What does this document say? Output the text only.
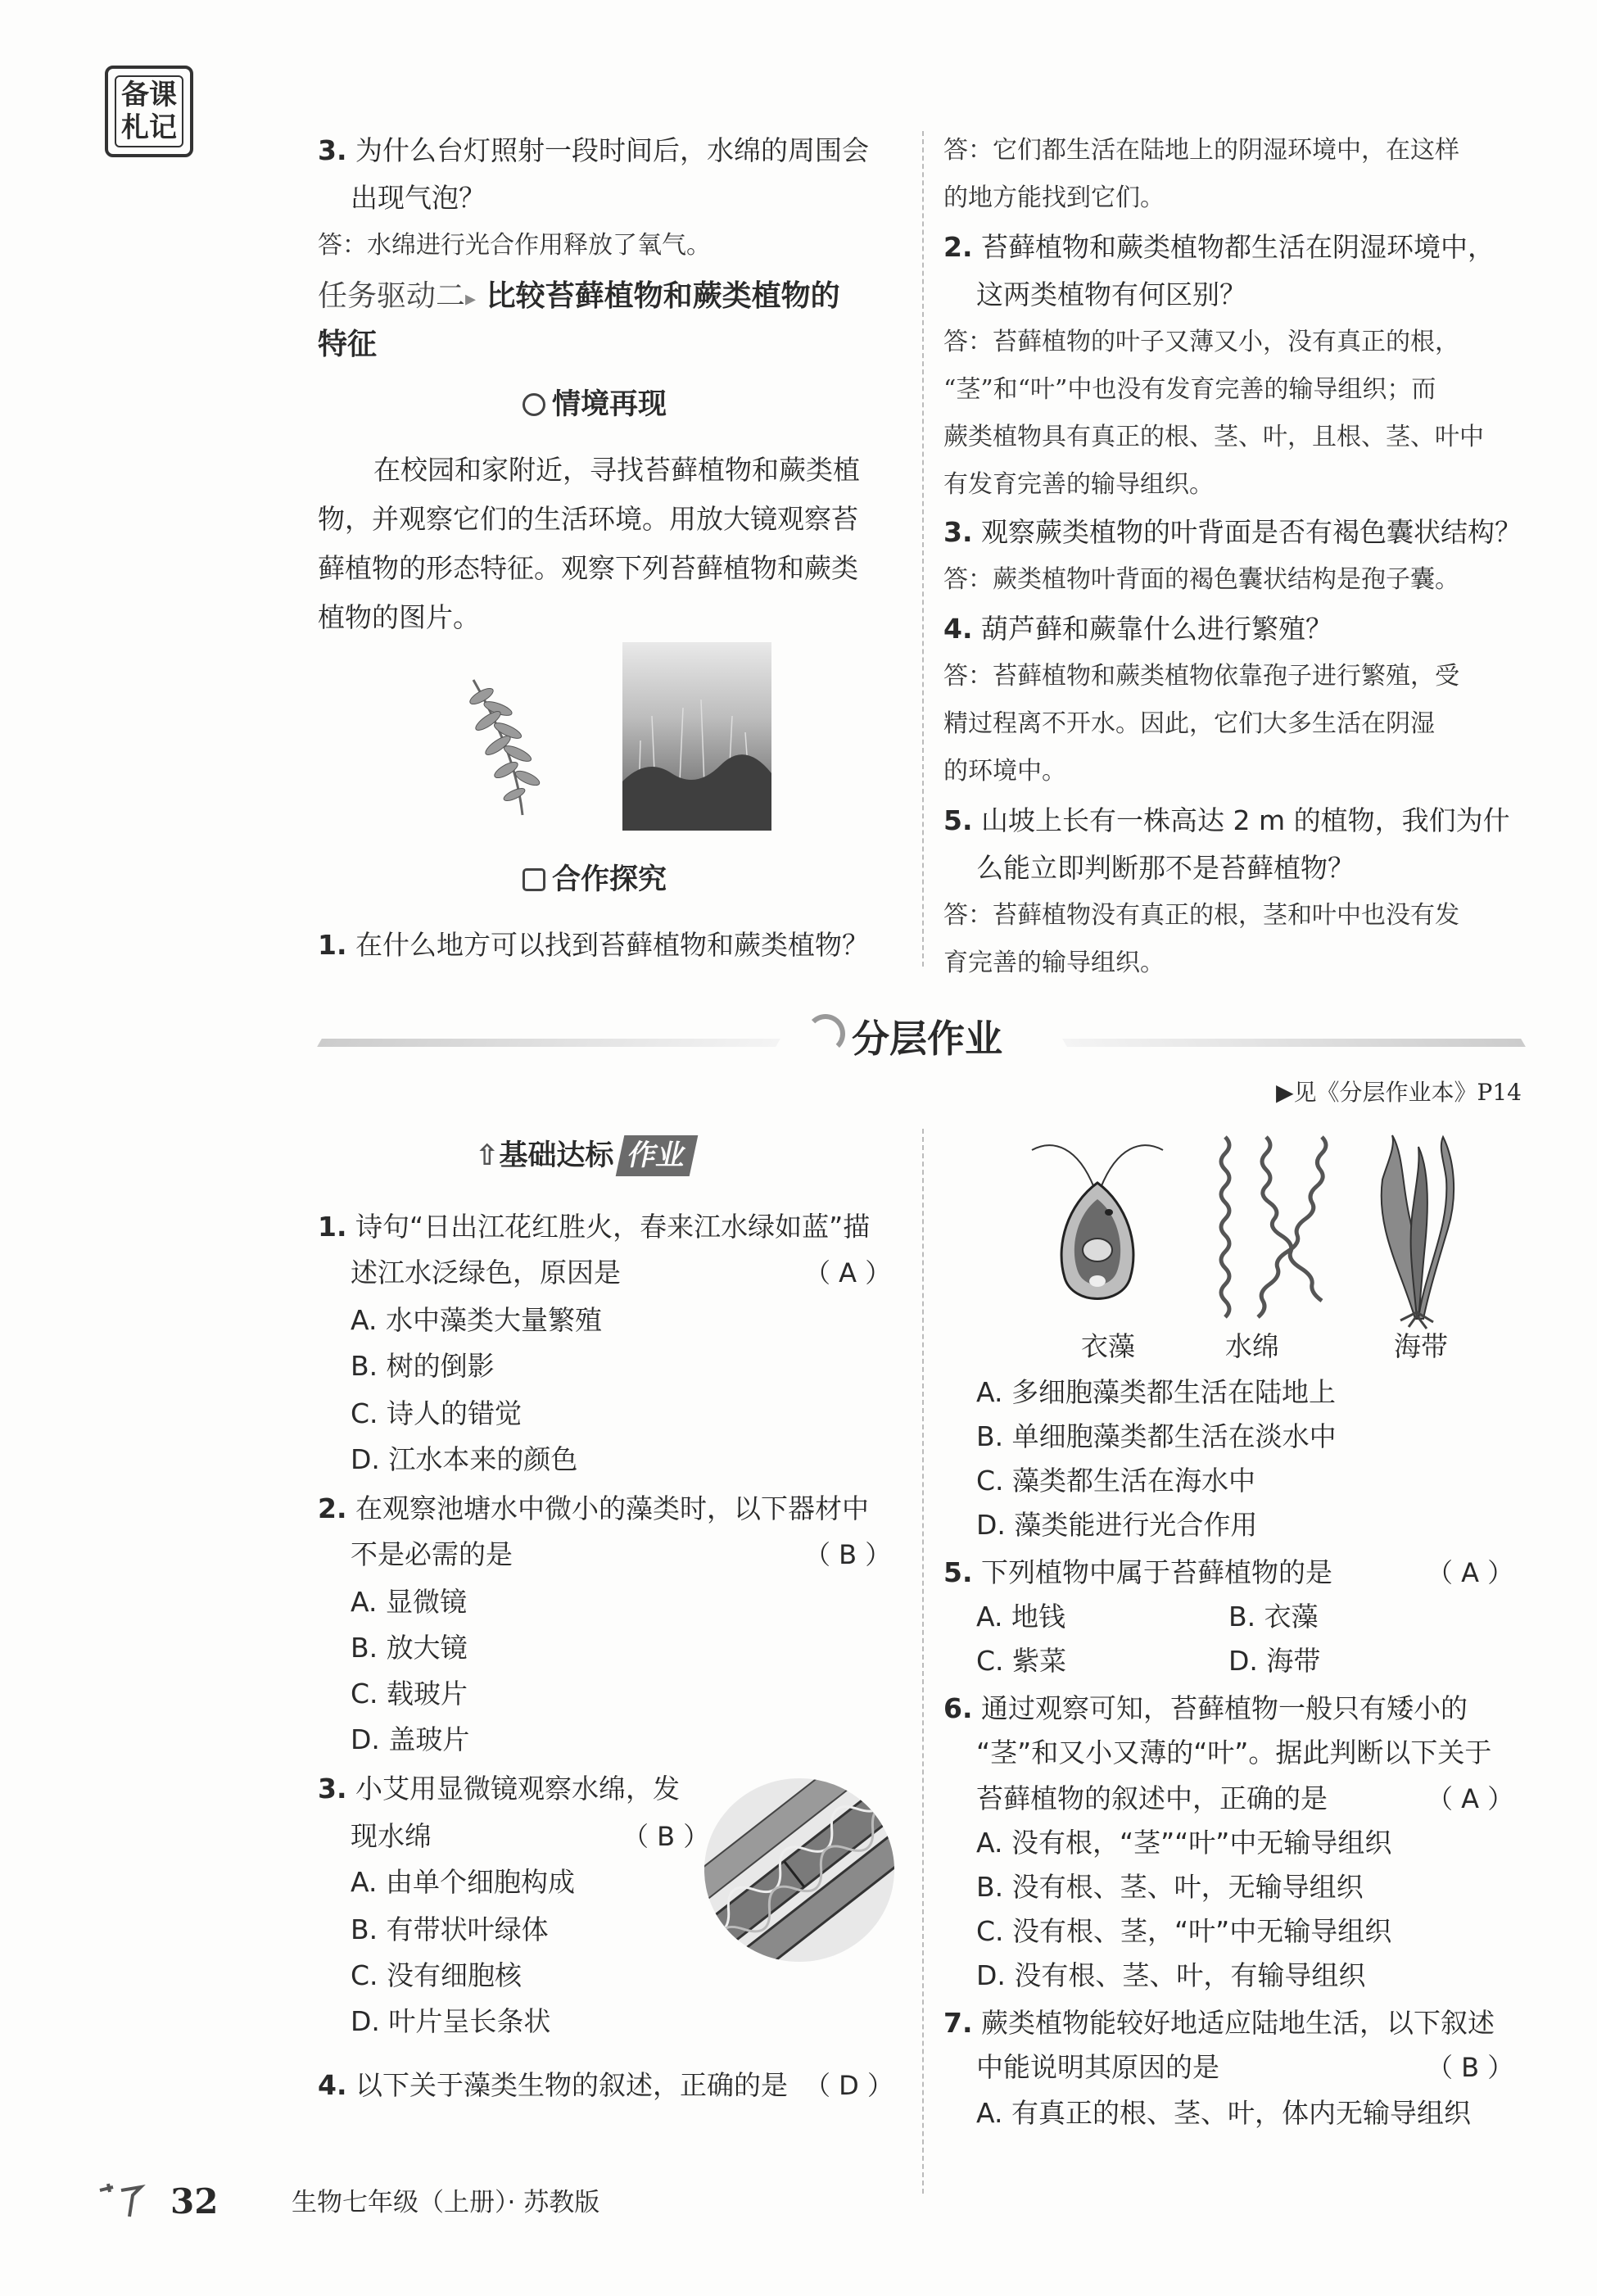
备课
札记
3. 为什么台灯照射一段时间后，水绵的周围会
出现气泡？
答：水绵进行光合作用释放了氧气。
任务驱动二▸ 比较苔藓植物和蕨类植物的
特征
情境再现
在校园和家附近，寻找苔藓植物和蕨类植
物，并观察它们的生活环境。用放大镜观察苔
藓植物的形态特征。观察下列苔藓植物和蕨类
植物的图片。
合作探究
1. 在什么地方可以找到苔藓植物和蕨类植物？
答：它们都生活在陆地上的阴湿环境中，在这样
的地方能找到它们。
2. 苔藓植物和蕨类植物都生活在阴湿环境中，
这两类植物有何区别？
答：苔藓植物的叶子又薄又小，没有真正的根，
“茎”和“叶”中也没有发育完善的输导组织；而
蕨类植物具有真正的根、茎、叶，且根、茎、叶中
有发育完善的输导组织。
3. 观察蕨类植物的叶背面是否有褐色囊状结构？
答：蕨类植物叶背面的褐色囊状结构是孢子囊。
4. 葫芦藓和蕨靠什么进行繁殖？
答：苔藓植物和蕨类植物依靠孢子进行繁殖，受
精过程离不开水。因此，它们大多生活在阴湿
的环境中。
5. 山坡上长有一株高达 2 m 的植物，我们为什
么能立即判断那不是苔藓植物？
答：苔藓植物没有真正的根，茎和叶中也没有发
育完善的输导组织。
分层作业
▶见《分层作业本》P14
⇧基础达标 作业
1. 诗句“日出江花红胜火，春来江水绿如蓝”描
述江水泛绿色，原因是	（ A ）
A. 水中藻类大量繁殖
B. 树的倒影
C. 诗人的错觉
D. 江水本来的颜色
2. 在观察池塘水中微小的藻类时，以下器材中
不是必需的是	（ B ）
A. 显微镜
B. 放大镜
C. 载玻片
D. 盖玻片
3. 小艾用显微镜观察水绵，发
现水绵	（ B ）
A. 由单个细胞构成
B. 有带状叶绿体
C. 没有细胞核
D. 叶片呈长条状
4. 以下关于藻类生物的叙述，正确的是 （ D ）
衣藻	水绵	海带
A. 多细胞藻类都生活在陆地上
B. 单细胞藻类都生活在淡水中
C. 藻类都生活在海水中
D. 藻类能进行光合作用
5. 下列植物中属于苔藓植物的是	（ A ）
A. 地钱	B. 衣藻
C. 紫菜	D. 海带
6. 通过观察可知，苔藓植物一般只有矮小的
“茎”和又小又薄的“叶”。据此判断以下关于
苔藓植物的叙述中，正确的是	（ A ）
A. 没有根，“茎”“叶”中无输导组织
B. 没有根、茎、叶，无输导组织
C. 没有根、茎，“叶”中无输导组织
D. 没有根、茎、叶，有输导组织
7. 蕨类植物能较好地适应陆地生活，以下叙述
中能说明其原因的是	（ B ）
A. 有真正的根、茎、叶，体内无输导组织
32	生物七年级（上册）· 苏教版
